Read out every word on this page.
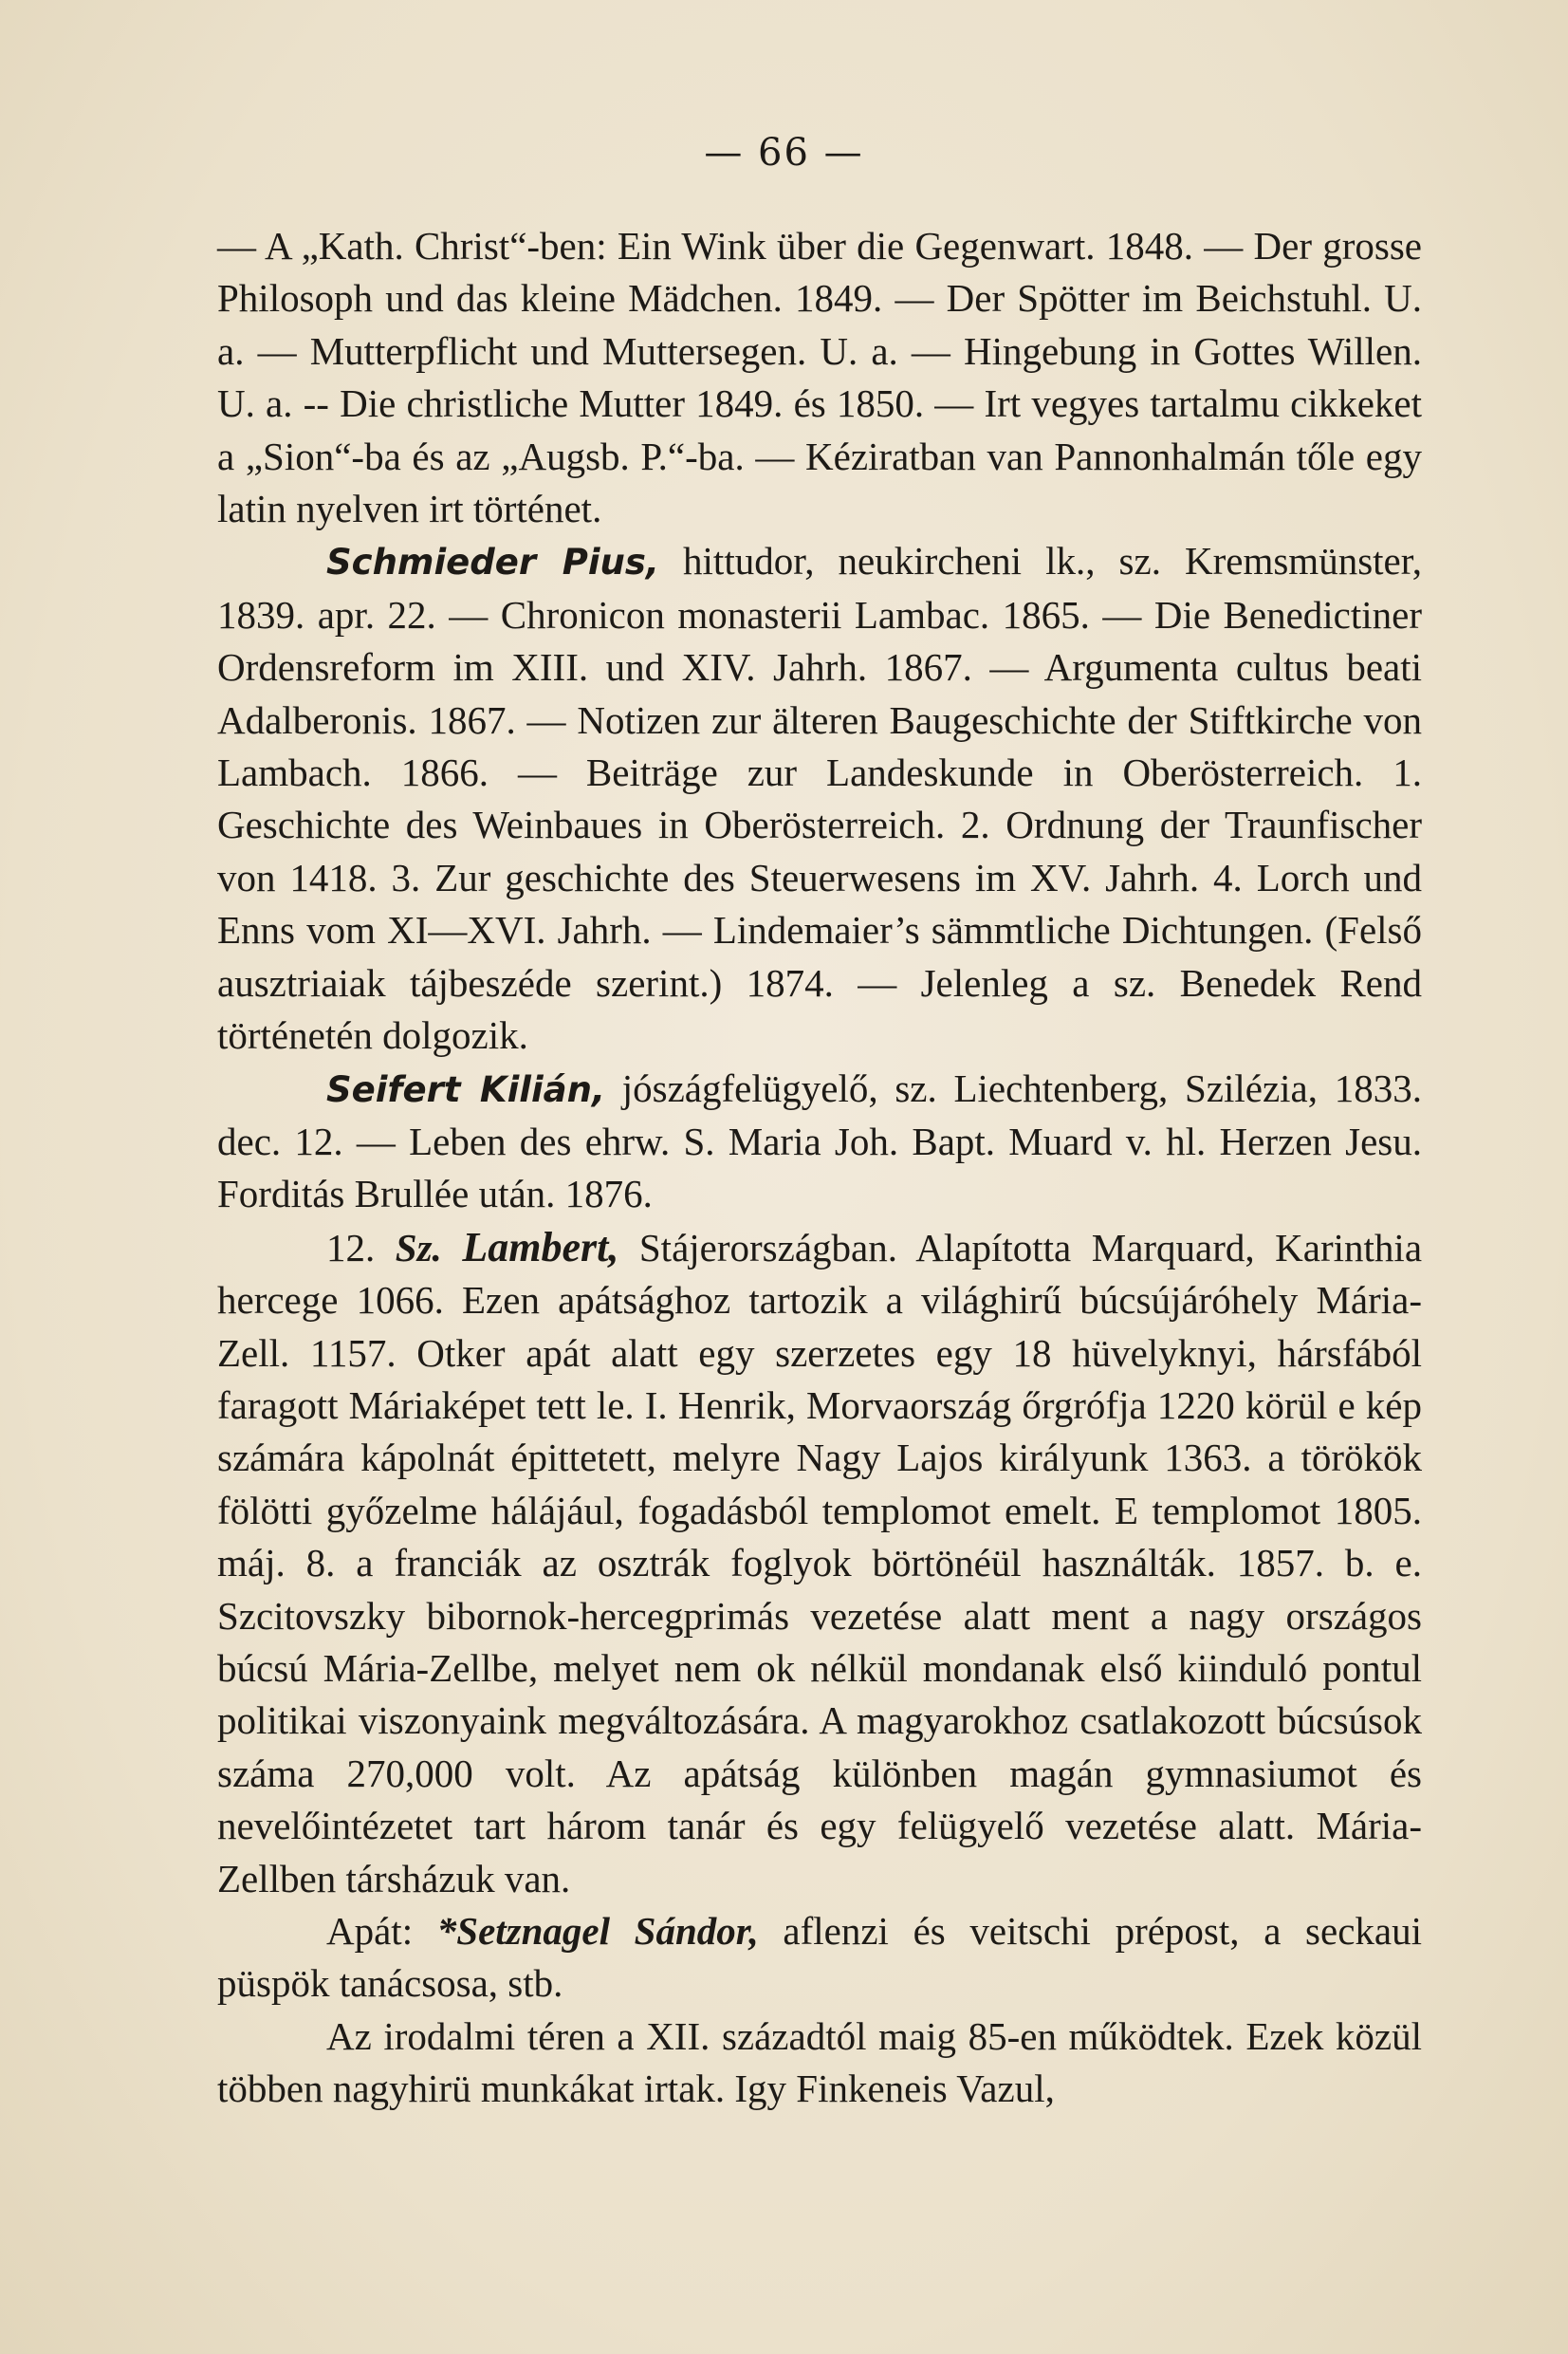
— 66 —

— A „Kath. Christ“-ben: Ein Wink über die Gegenwart. 1848. — Der grosse Philosoph und das kleine Mädchen. 1849. — Der Spötter im Beichstuhl. U. a. — Mutterpflicht und Muttersegen. U. a. — Hingebung in Gottes Willen. U. a. -- Die christliche Mutter 1849. és 1850. — Irt vegyes tartalmu cikkeket a „Sion“-ba és az „Augsb. P.“-ba. — Kéziratban van Pannonhalmán tőle egy latin nyelven irt történet.

Schmieder Pius, hittudor, neukircheni lk., sz. Kremsmünster, 1839. apr. 22. — Chronicon monasterii Lambac. 1865. — Die Benedictiner Ordensreform im XIII. und XIV. Jahrh. 1867. — Argumenta cultus beati Adalberonis. 1867. — Notizen zur älteren Baugeschichte der Stiftkirche von Lambach. 1866. — Beiträge zur Landeskunde in Oberösterreich. 1. Geschichte des Weinbaues in Oberösterreich. 2. Ordnung der Traunfischer von 1418. 3. Zur geschichte des Steuerwesens im XV. Jahrh. 4. Lorch und Enns vom XI—XVI. Jahrh. — Lindemaier’s sämmtliche Dichtungen. (Felső ausztriaiak tájbeszéde szerint.) 1874. — Jelenleg a sz. Benedek Rend történetén dolgozik.

Seifert Kilián, jószágfelügyelő, sz. Liechtenberg, Szilézia, 1833. dec. 12. — Leben des ehrw. S. Maria Joh. Bapt. Muard v. hl. Herzen Jesu. Forditás Brullée után. 1876.

12. Sz. Lambert, Stájerországban. Alapította Marquard, Karinthia hercege 1066. Ezen apátsághoz tartozik a világhirű búcsújáróhely Mária-Zell. 1157. Otker apát alatt egy szerzetes egy 18 hüvelyknyi, hársfából faragott Máriaképet tett le. I. Henrik, Morvaország őrgrófja 1220 körül e kép számára kápolnát épittetett, melyre Nagy Lajos királyunk 1363. a törökök fölötti győzelme hálájául, fogadásból templomot emelt. E templomot 1805. máj. 8. a franciák az osztrák foglyok börtönéül használták. 1857. b. e. Szcitovszky bibornok-hercegprimás vezetése alatt ment a nagy országos búcsú Mária-Zellbe, melyet nem ok nélkül mondanak első kiinduló pontul politikai viszonyaink megváltozására. A magyarokhoz csatlakozott búcsúsok száma 270,000 volt. Az apátság különben magán gymnasiumot és nevelőintézetet tart három tanár és egy felügyelő vezetése alatt. Mária-Zellben társházuk van.

Apát: *Setznagel Sándor, aflenzi és veitschi prépost, a seckaui püspök tanácsosa, stb.

Az irodalmi téren a XII. századtól maig 85-en működtek. Ezek közül többen nagyhirü munkákat irtak. Igy Finkeneis Vazul,
